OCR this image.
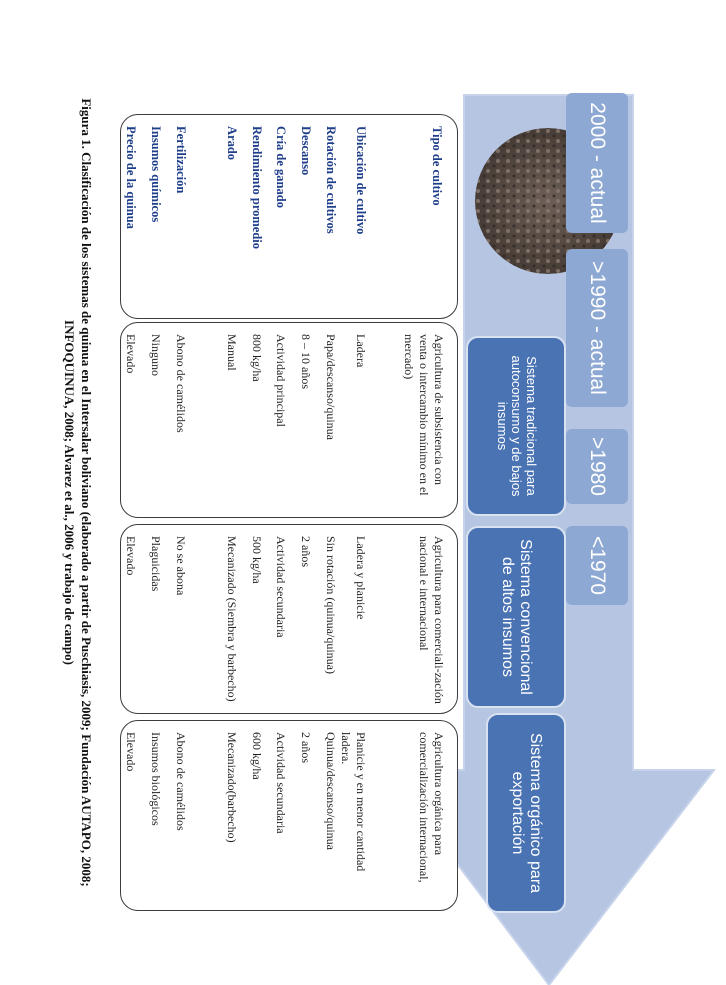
<1970
>1980
>1990 - actual
2000 - actual
Sistema tradicional para autoconsumo y de bajos insumos
Sistema convencional de altos insumos
Sistema orgánico para exportación
Tipo de cultivo
Ubicación de cultivo
Rotación de cultivos
Descanso
Cría de ganado
Rendimiento promedio
Arado
Fertilización
Insumos químicos
Precio de la quinua
Agricultura de subsistencia con venta o intercambio mínimo en el mercado)
Ladera
Papa/descanso/quinua
8 – 10 años
Actividad principal
800 kg/ha
Manual
Abono de camélidos
Ninguno
Elevado
Agricultura para comerciali-zación nacional e internacional
Ladera y planicie
Sin rotación (quinua/quinua)
2 años
Actividad secundaria
500 kg/ha
Mecanizado (Siembra y barbecho)
No se abona
Plaguicidas
Elevado
Agricultura orgánica para comercialización internacional,
Planicie y en menor cantidad ladera.
Quinua/descanso/quinua
2 años
Actividad secundaria
600 kg/ha
Mecanizado(barbecho)
Abono de camélidos
Insumos biológicos
Elevado
Figura 1. Clasificación de los sistemas de quinua en el Intersalar boliviano (elaborado a partir de Puschiasis, 2009; Fundación AUTAPO, 2008;
INFOQUINUA, 2008; Alvarez et al., 2006 y trabajo de campo)
